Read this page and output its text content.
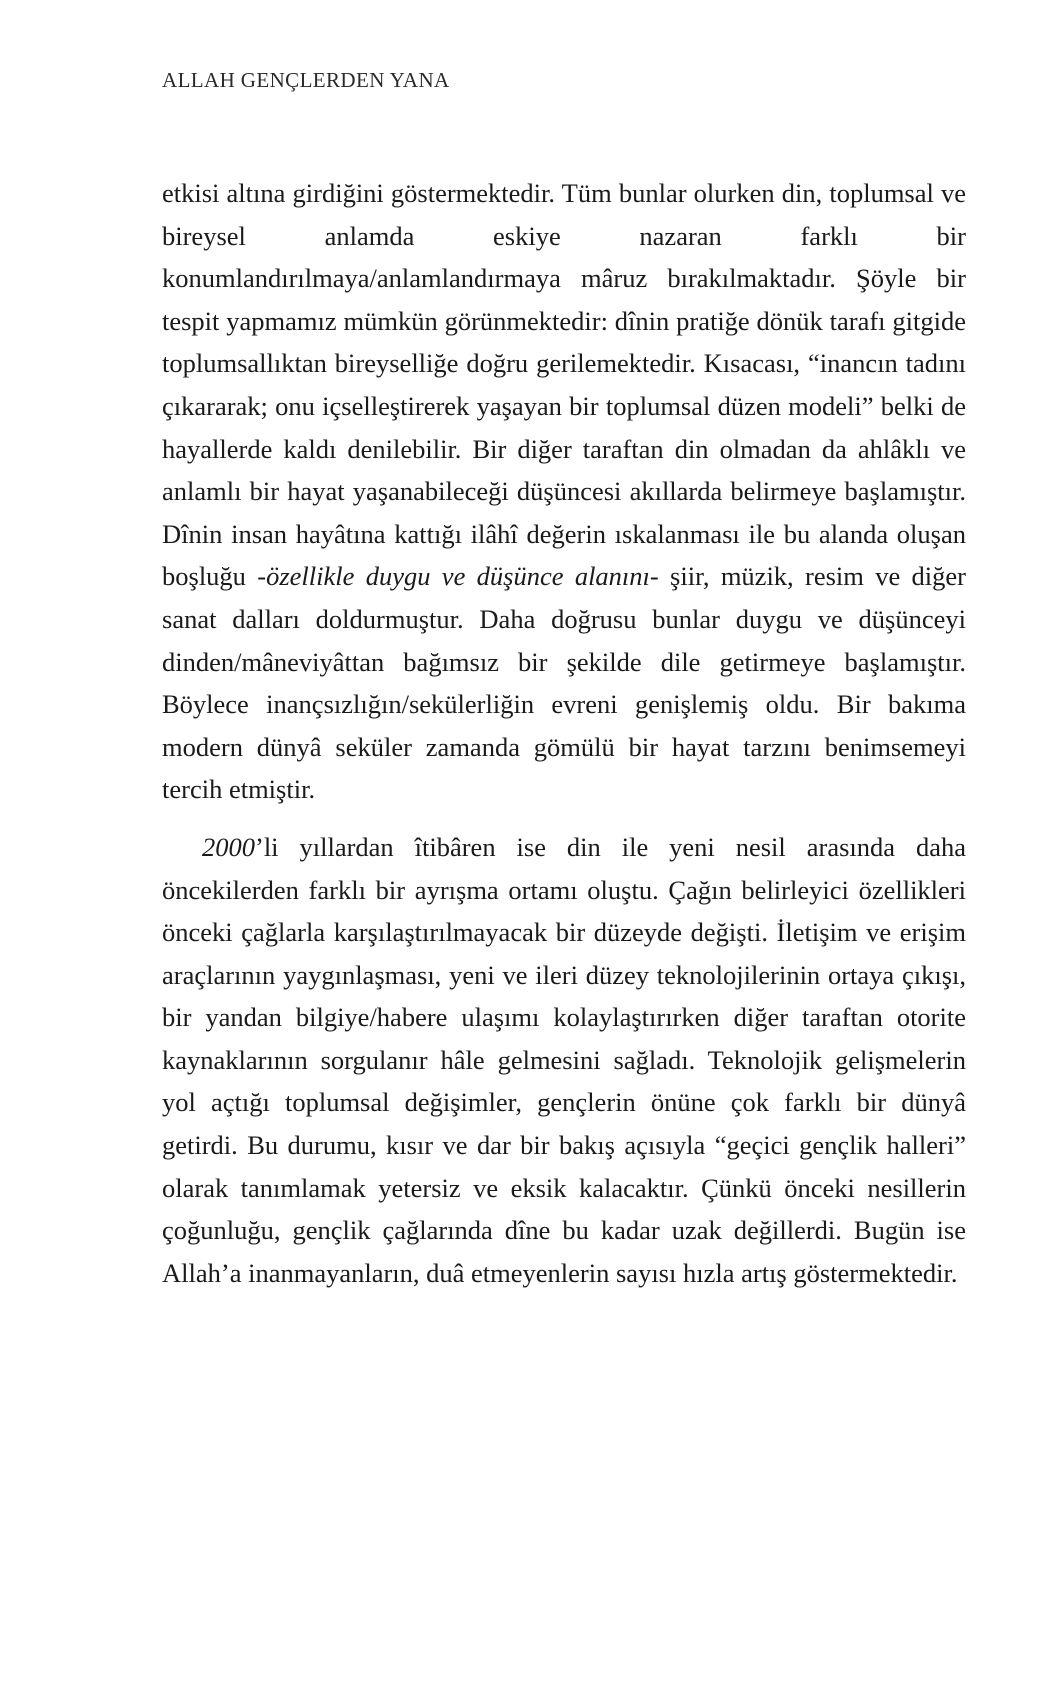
ALLAH GENÇLERDEN YANA

etkisi altına girdiğini göstermektedir. Tüm bunlar olurken din, toplumsal ve bireysel anlamda eskiye nazaran farklı bir konumlandırılmaya/anlamlandırmaya mâruz bırakılmaktadır. Şöyle bir tespit yapmamız mümkün görünmektedir: dînin pratiğe dönük tarafı gitgide toplumsallıktan bireyselliğe doğru gerilemektedir. Kısacası, “inancın tadını çıkararak; onu içselleştirerek yaşayan bir toplumsal düzen modeli” belki de hayallerde kaldı denilebilir. Bir diğer taraftan din olmadan da ahlâklı ve anlamlı bir hayat yaşanabileceği düşüncesi akıllarda belirmeye başlamıştır. Dînin insan hayâtına kattığı ilâhî değerin ıskalanması ile bu alanda oluşan boşluğu -özellikle duygu ve düşünce alanını- şiir, müzik, resim ve diğer sanat dalları doldurmuştur. Daha doğrusu bunlar duygu ve düşünceyi dinden/mâneviyâttan bağımsız bir şekilde dile getirmeye başlamıştır. Böylece inançsızlığın/sekülerliğin evreni genişlemiş oldu. Bir bakıma modern dünyâ seküler zamanda gömülü bir hayat tarzını benimsemeyi tercih etmiştir.

2000’li yıllardan îtibâren ise din ile yeni nesil arasında daha öncekilerden farklı bir ayrışma ortamı oluştu. Çağın belirleyici özellikleri önceki çağlarla karşılaştırılmayacak bir düzeyde değişti. İletişim ve erişim araçlarının yaygınlaşması, yeni ve ileri düzey teknolojilerinin ortaya çıkışı, bir yandan bilgiye/habere ulaşımı kolaylaştırırken diğer taraftan otorite kaynaklarının sorgulanır hâle gelmesini sağladı. Teknolojik gelişmelerin yol açtığı toplumsal değişimler, gençlerin önüne çok farklı bir dünyâ getirdi. Bu durumu, kısır ve dar bir bakış açısıyla “geçici gençlik halleri” olarak tanımlamak yetersiz ve eksik kalacaktır. Çünkü önceki nesillerin çoğunluğu, gençlik çağlarında dîne bu kadar uzak değillerdi. Bugün ise Allah’a inanmayanların, duâ etmeyenlerin sayısı hızla artış göstermektedir.
